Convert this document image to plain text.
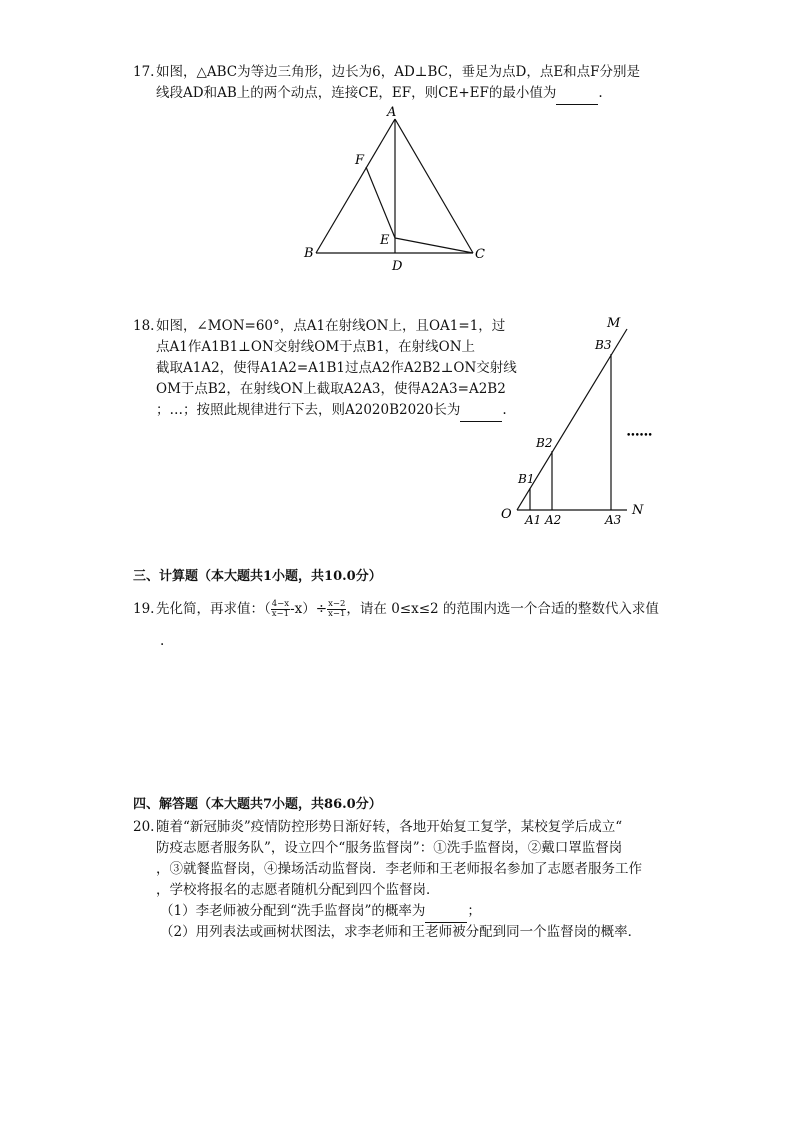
17. 如图，△ABC为等边三角形，边长为6，AD⊥BC，垂足为点D，点E和点F分别是
线段AD和AB上的两个动点，连接CE，EF，则CE+EF的最小值为	.
A
F
E
B	C
D
18. 如图，∠MON=60°，点A1在射线ON上，且OA1=1，过
点A1作A1B1⊥ON交射线OM于点B1，在射线ON上
截取A1A2，使得A1A2=A1B1过点A2作A2B2⊥ON交射线
OM于点B2，在射线ON上截取A2A3，使得A2A3=A2B2
；…；按照此规律进行下去，则A2020B2020长为	.
M
B3
B2
B1
O	N
A1 A2	A3
••••••
三、计算题（本大题共1小题，共10.0分）
19. 先化简，再求值：（ $\frac{4-x}{x-1} -x)\div \frac{x-2}{x-1}$ ，请在 0≤x≤2 的范围内选一个合适的整数代入求值
.
四、解答题（本大题共7小题，共86.0分）
20. 随着“新冠肺炎”疫情防控形势日渐好转，各地开始复工复学，某校复学后成立“
防疫志愿者服务队”，设立四个“服务监督岗”：①洗手监督岗，②戴口罩监督岗
，③就餐监督岗，④操场活动监督岗．李老师和王老师报名参加了志愿者服务工作
，学校将报名的志愿者随机分配到四个监督岗．
（1）李老师被分配到“洗手监督岗”的概率为	；
（2）用列表法或画树状图法，求李老师和王老师被分配到同一个监督岗的概率．
